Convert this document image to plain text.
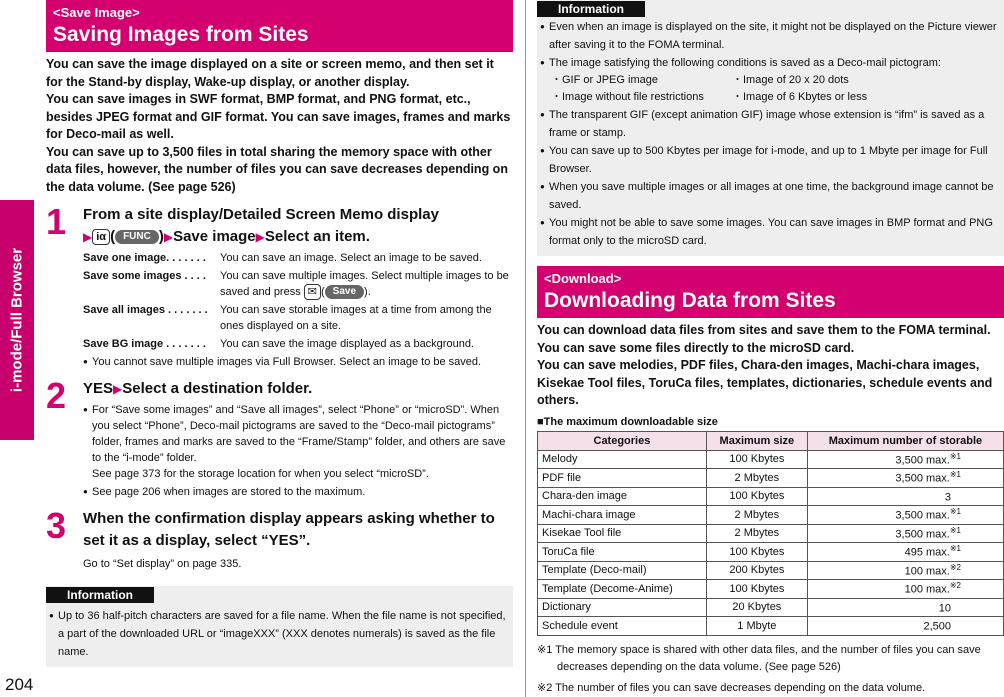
i-mode/Full Browser
204
<Save Image>
Saving Images from Sites
You can save the image displayed on a site or screen memo, and then set it for the Stand-by display, Wake-up display, or another display.
You can save images in SWF format, BMP format, and PNG format, etc., besides JPEG format and GIF format. You can save images, frames and marks for Deco-mail as well.
You can save up to 3,500 files in total sharing the memory space with other data files, however, the number of files you can save decreases depending on the data volume. (See page 526)
1 From a site display/Detailed Screen Memo display
▶ iα ( FUNC )▶Save image▶Select an item.
Save one image. . . . . . .	You can save an image. Select an image to be saved.
Save some images . . . .	You can save multiple images. Select multiple images to be saved and press ✉ ( Save ).
Save all images . . . . . . .	You can save storable images at a time from among the ones displayed on a site.
Save BG image . . . . . . .	You can save the image displayed as a background.
● You cannot save multiple images via Full Browser. Select an image to be saved.
2 YES▶Select a destination folder.
● For “Save some images” and “Save all images”, select “Phone” or “microSD”. When you select “Phone”, Deco-mail pictograms are saved to the “Deco-mail pictograms” folder, frames and marks are saved to the “Frame/Stamp” folder, and others are save to the “i-mode” folder.
See page 373 for the storage location for when you select “microSD”.
● See page 206 when images are stored to the maximum.
3 When the confirmation display appears asking whether to set it as a display, select “YES”.
Go to “Set display” on page 335.
Information
● Up to 36 half-pitch characters are saved for a file name. When the file name is not specified, a part of the downloaded URL or “imageXXX” (XXX denotes numerals) is saved as the file name.
Information
● Even when an image is displayed on the site, it might not be displayed on the Picture viewer after saving it to the FOMA terminal.
● The image satisfying the following conditions is saved as a Deco-mail pictogram:
・GIF or JPEG image	・Image of 20 x 20 dots
・Image without file restrictions	・Image of 6 Kbytes or less
● The transparent GIF (except animation GIF) image whose extension is “ifm” is saved as a frame or stamp.
● You can save up to 500 Kbytes per image for i-mode, and up to 1 Mbyte per image for Full Browser.
● When you save multiple images or all images at one time, the background image cannot be saved.
● You might not be able to save some images. You can save images in BMP format and PNG format only to the microSD card.
<Download>
Downloading Data from Sites
You can download data files from sites and save them to the FOMA terminal. You can save some files directly to the microSD card.
You can save melodies, PDF files, Chara-den images, Machi-chara images, Kisekae Tool files, ToruCa files, templates, dictionaries, schedule events and others.
■The maximum downloadable size
Categories	Maximum size	Maximum number of storable
Melody	100 Kbytes	3,500 max.$^{※1}$
PDF file	2 Mbytes	3,500 max.$^{※1}$
Chara-den image	100 Kbytes	3
Machi-chara image	2 Mbytes	3,500 max.$^{※1}$
Kisekae Tool file	2 Mbytes	3,500 max.$^{※1}$
ToruCa file	100 Kbytes	495 max.$^{※1}$
Template (Deco-mail)	200 Kbytes	100 max.$^{※2}$
Template (Decome-Anime)	100 Kbytes	100 max.$^{※2}$
Dictionary	20 Kbytes	10
Schedule event	1 Mbyte	2,500
※1 The memory space is shared with other data files, and the number of files you can save decreases depending on the data volume. (See page 526)
※2 The number of files you can save decreases depending on the data volume.
